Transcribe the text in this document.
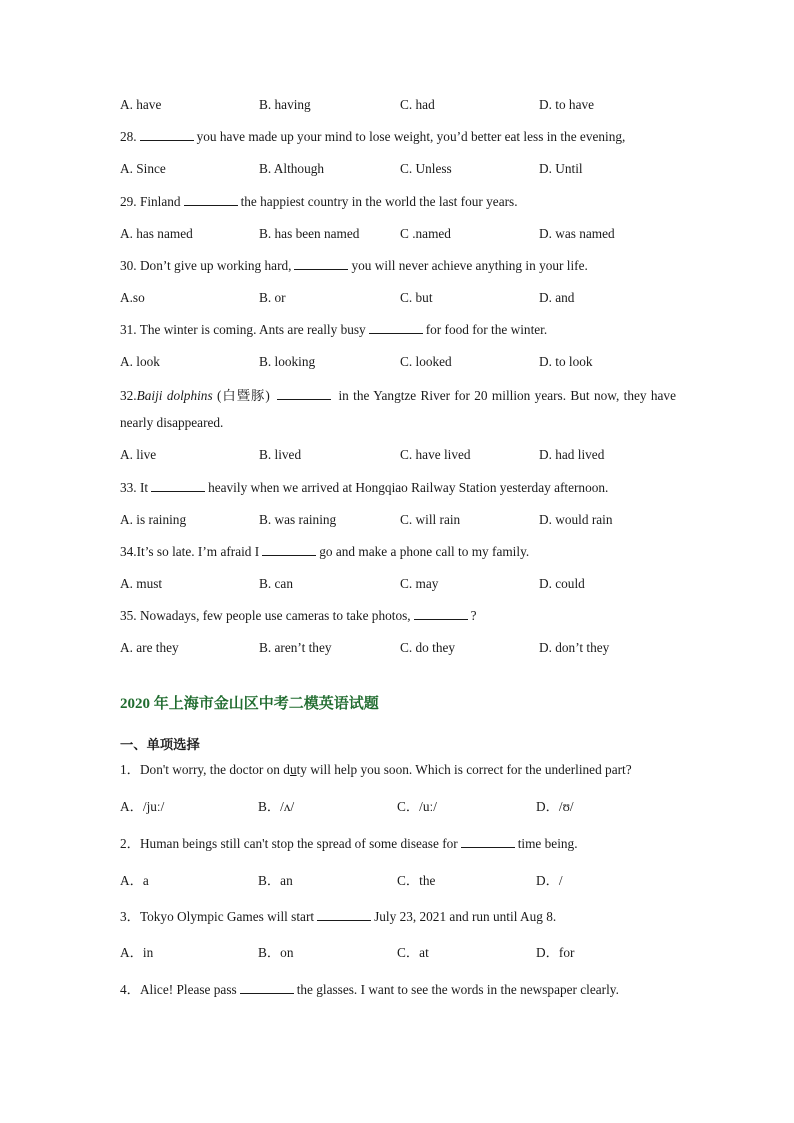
A. have	B. having	C. had	D. to have
28.	you have made up your mind to lose weight, you’d better eat less in the evening,
A. Since	B. Although	C. Unless	D. Until
29. Finland	the happiest country in the world the last four years.
A. has named	B. has been named	C .named	D. was named
30. Don’t give up working hard,	you will never achieve anything in your life.
A.so	B. or	C. but	D. and
31. The winter is coming. Ants are really busy	for food for the winter.
A. look	B. looking	C. looked	D. to look
32.Baiji dolphins (白暨豚)	in the Yangtze River for 20 million years. But now, they have nearly disappeared.
A. live	B. lived	C. have lived	D. had lived
33. It	heavily when we arrived at Hongqiao Railway Station yesterday afternoon.
A. is raining	B. was raining	C. will rain	D. would rain
34.It’s so late. I’m afraid I	go and make a phone call to my family.
A. must	B. can	C. may	D. could
35. Nowadays, few people use cameras to take photos,	?
A. are they	B. aren’t they	C. do they	D. don’t they
2020 年上海市金山区中考二模英语试题
一、单项选择
1．Don't worry, the doctor on duty will help you soon. Which is correct for the underlined part?
A．/juː/	B．/ʌ/	C．/uː/	D．/ʊ/
2．Human beings still can't stop the spread of some disease for	time being.
A．a	B．an	C．the	D．/
3．Tokyo Olympic Games will start	July 23, 2021 and run until Aug 8.
A．in	B．on	C．at	D．for
4．Alice! Please pass	the glasses. I want to see the words in the newspaper clearly.
